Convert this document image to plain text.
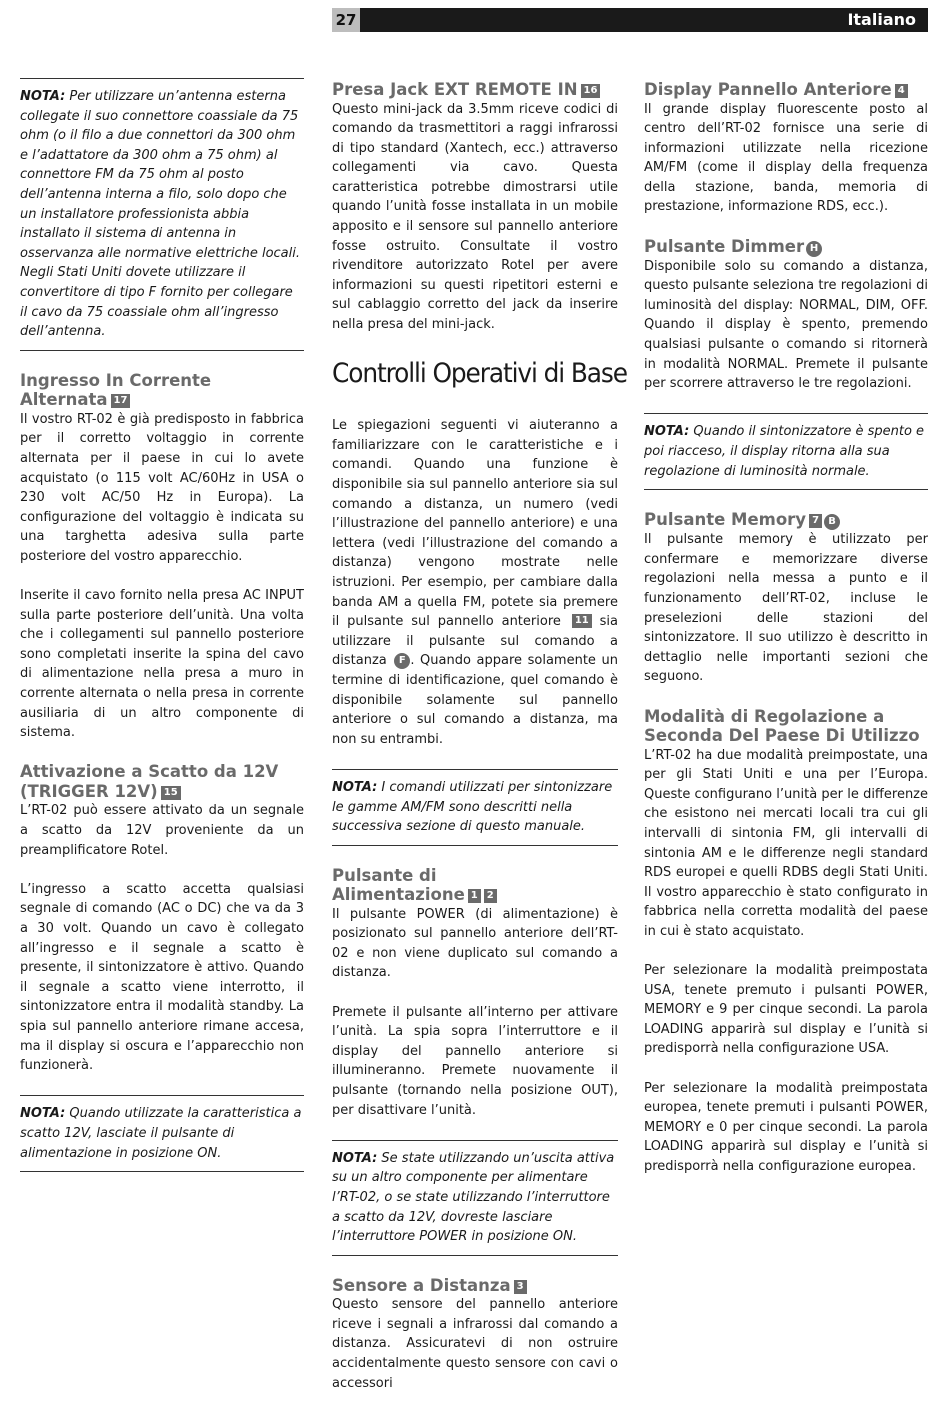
27	Italiano

NOTA: Per utilizzare un’antenna esterna collegate il suo connettore coassiale da 75 ohm (o il filo a due connettori da 300 ohm e l’adattatore da 300 ohm a 75 ohm) al connettore FM da 75 ohm al posto dell’antenna interna a filo, solo dopo che un installatore professionista abbia installato il sistema di antenna in osservanza alle normative elettriche locali. Negli Stati Uniti dovete utilizzare il convertitore di tipo F fornito per collegare il cavo da 75 coassiale ohm all’ingresso dell’antenna.

Ingresso In Corrente Alternata 17

Il vostro RT-02 è già predisposto in fabbrica per il corretto voltaggio in corrente alternata per il paese in cui lo avete acquistato (o 115 volt AC/60Hz in USA o 230 volt AC/50 Hz in Europa). La configurazione del voltaggio è indicata su una targhetta adesiva sulla parte posteriore del vostro apparecchio.

Inserite il cavo fornito nella presa AC INPUT sulla parte posteriore dell’unità. Una volta che i collegamenti sul pannello posteriore sono completati inserite la spina del cavo di alimentazione nella presa a muro in corrente alternata o nella presa in corrente ausiliaria di un altro componente di sistema.

Attivazione a Scatto da 12V (TRIGGER 12V) 15

L’RT-02 può essere attivato da un segnale a scatto da 12V proveniente da un preamplificatore Rotel.

L’ingresso a scatto accetta qualsiasi segnale di comando (AC o DC) che va da 3 a 30 volt. Quando un cavo è collegato all’ingresso e il segnale a scatto è presente, il sintonizzatore è attivo. Quando il segnale a scatto viene interrotto, il sintonizzatore entra il modalità standby. La spia sul pannello anteriore rimane accesa, ma il display si oscura e l’apparecchio non funzionerà.

NOTA: Quando utilizzate la caratteristica a scatto 12V, lasciate il pulsante di alimentazione in posizione ON.

Presa Jack EXT REMOTE IN 16

Questo mini-jack da 3.5mm riceve codici di comando da trasmettitori a raggi infrarossi di tipo standard (Xantech, ecc.) attraverso collegamenti via cavo. Questa caratteristica potrebbe dimostrarsi utile quando l’unità fosse installata in un mobile apposito e il sensore sul pannello anteriore fosse ostruito. Consultate il vostro rivenditore autorizzato Rotel per avere informazioni su questi ripetitori esterni e sul cablaggio corretto del jack da inserire nella presa del mini-jack.

Controlli Operativi di Base

Le spiegazioni seguenti vi aiuteranno a familiarizzare con le caratteristiche e i comandi. Quando una funzione è disponibile sia sul pannello anteriore sia sul comando a distanza, un numero (vedi l’illustrazione del pannello anteriore) e una lettera (vedi l’illustrazione del comando a distanza) vengono mostrate nelle istruzioni. Per esempio, per cambiare dalla banda AM a quella FM, potete sia premere il pulsante sul pannello anteriore 11 sia utilizzare il pulsante sul comando a distanza F . Quando appare solamente un termine di identificazione, quel comando è disponibile solamente sul pannello anteriore o sul comando a distanza, ma non su entrambi.

NOTA: I comandi utilizzati per sintonizzare le gamme AM/FM sono descritti nella successiva sezione di questo manuale.

Pulsante di
Alimentazione 1 2

Il pulsante POWER (di alimentazione) è posizionato sul pannello anteriore dell’RT-02 e non viene duplicato sul comando a distanza.

Premete il pulsante all’interno per attivare l’unità. La spia sopra l’interruttore e il display del pannello anteriore si illumineranno. Premete nuovamente il pulsante (tornando nella posizione OUT), per disattivare l’unità.

NOTA: Se state utilizzando un’uscita attiva su un altro componente per alimentare l’RT-02, o se state utilizzando l’interruttore a scatto da 12V, dovreste lasciare l’interruttore POWER in posizione ON.

Sensore a Distanza 3

Questo sensore del pannello anteriore riceve i segnali a infrarossi dal comando a distanza. Assicuratevi di non ostruire accidentalmente questo sensore con cavi o accessori

Display Pannello Anteriore 4

Il grande display fluorescente posto al centro dell’RT-02 fornisce una serie di informazioni utilizzate nella ricezione AM/FM (come il display della frequenza della stazione, banda, memoria di prestazione, informazione RDS, ecc.).

Pulsante Dimmer H

Disponibile solo su comando a distanza, questo pulsante seleziona tre regolazioni di luminosità del display: NORMAL, DIM, OFF. Quando il display è spento, premendo qualsiasi pulsante o comando si ritornerà in modalità NORMAL. Premete il pulsante per scorrere attraverso le tre regolazioni.

NOTA: Quando il sintonizzatore è spento e poi riacceso, il display ritorna alla sua regolazione di luminosità normale.

Pulsante Memory 7 B

Il pulsante memory è utilizzato per confermare e memorizzare diverse regolazioni nella messa a punto e il funzionamento dell’RT-02, incluse le preselezioni delle stazioni del sintonizzatore. Il suo utilizzo è descritto in dettaglio nelle importanti sezioni che seguono.

Modalità di Regolazione a Seconda Del Paese Di Utilizzo

L’RT-02 ha due modalità preimpostate, una per gli Stati Uniti e una per l’Europa. Queste configurano l’unità per le differenze che esistono nei mercati locali tra cui gli intervalli di sintonia FM, gli intervalli di sintonia AM e le differenze negli standard RDS europei e quelli RDBS degli Stati Uniti. Il vostro apparecchio è stato configurato in fabbrica nella corretta modalità del paese in cui è stato acquistato.

Per selezionare la modalità preimpostata USA, tenete premuto i pulsanti POWER, MEMORY e 9 per cinque secondi. La parola LOADING apparirà sul display e l’unità si predisporrà nella configurazione USA.

Per selezionare la modalità preimpostata europea, tenete premuti i pulsanti POWER, MEMORY e 0 per cinque secondi. La parola LOADING apparirà sul display e l’unità si predisporrà nella configurazione europea.
